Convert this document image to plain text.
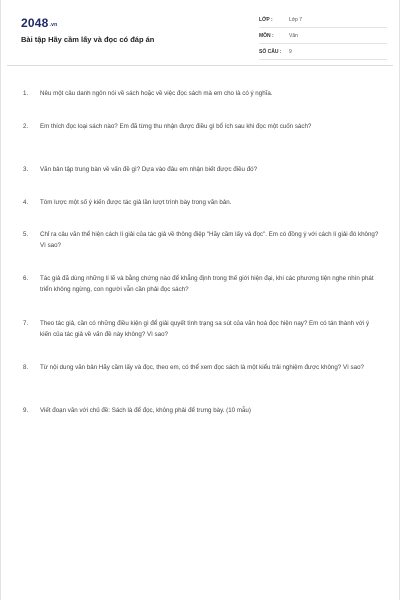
2048.vn
Bài tập Hãy cầm lấy và đọc có đáp án
LỚP :	Lớp 7
MÔN :	Văn
SỐ CÂU :	9
1.	Nêu một câu danh ngôn nói về sách hoặc về việc đọc sách mà em cho là có ý nghĩa.
2.	Em thích đọc loại sách nào? Em đã từng thu nhận được điều gì bổ ích sau khi đọc một cuốn sách?
3.	Văn bản tập trung bàn về vấn đề gì? Dựa vào đâu em nhận biết được điều đó?
4.	Tóm lược một số ý kiến được tác giả lần lượt trình bày trong văn bản.
5.	Chỉ ra câu văn thể hiện cách lí giải của tác giả về thông điệp "Hãy cầm lấy và đọc". Em có đồng ý với cách lí giải đó không? Vì sao?
6.	Tác giả đã dùng những lí lẽ và bằng chứng nào để khẳng định trong thế giới hiện đại, khi các phương tiện nghe nhìn phát triển không ngừng, con người vẫn cần phải đọc sách?
7.	Theo tác giả, cần có những điều kiện gì để giải quyết tình trạng sa sút của văn hoá đọc hiện nay? Em có tán thành với ý kiến của tác giả về vấn đề này không? Vì sao?
8.	Từ nội dung văn bản Hãy cầm lấy và đọc, theo em, có thể xem đọc sách là một kiểu trải nghiệm được không? Vì sao?
9.	Viết đoạn văn với chủ đề: Sách là để đọc, không phải để trưng bày. (10 mẫu)
